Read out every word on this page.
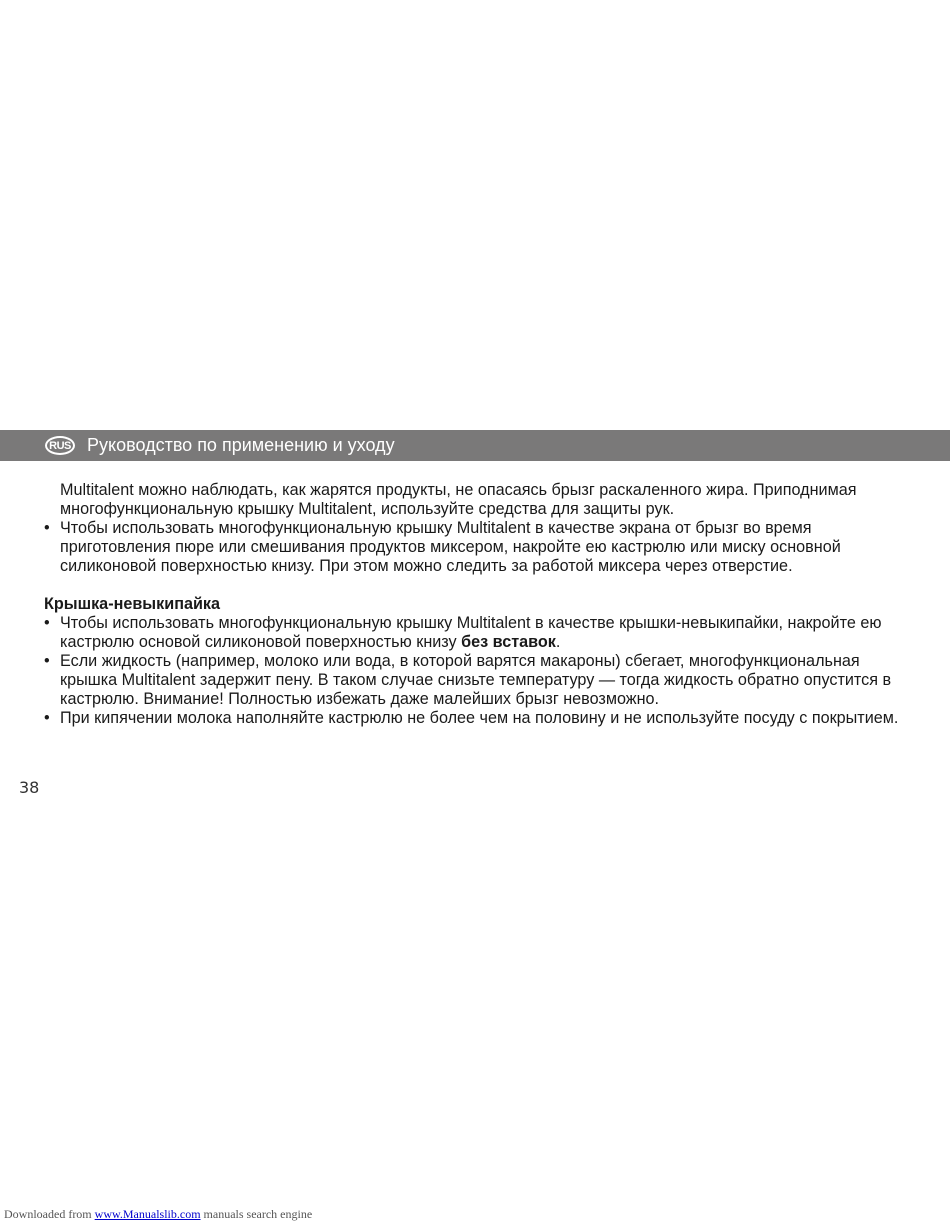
RUS Руководство по применению и уходу
Multitalent можно наблюдать, как жарятся продукты, не опасаясь брызг раскаленного жира. Приподнимая многофункциональную крышку Multitalent, используйте средства для защиты рук.
• Чтобы использовать многофункциональную крышку Multitalent в качестве экрана от брызг во время приготовления пюре или смешивания продуктов миксером, накройте ею кастрюлю или миску основной силиконовой поверхностью книзу. При этом можно следить за работой миксера через отверстие.
Крышка-невыкипайка
• Чтобы использовать многофункциональную крышку Multitalent в качестве крышки-невыкипайки, накройте ею кастрюлю основой силиконовой поверхностью книзу без вставок.
• Если жидкость (например, молоко или вода, в которой варятся макароны) сбегает, многофункциональная крышка Multitalent задержит пену. В таком случае снизьте температуру — тогда жидкость обратно опустится в кастрюлю. Внимание! Полностью избежать даже малейших брызг невозможно.
• При кипячении молока наполняйте кастрюлю не более чем на половину и не используйте посуду с покрытием.
38
Downloaded from www.Manualslib.com manuals search engine
